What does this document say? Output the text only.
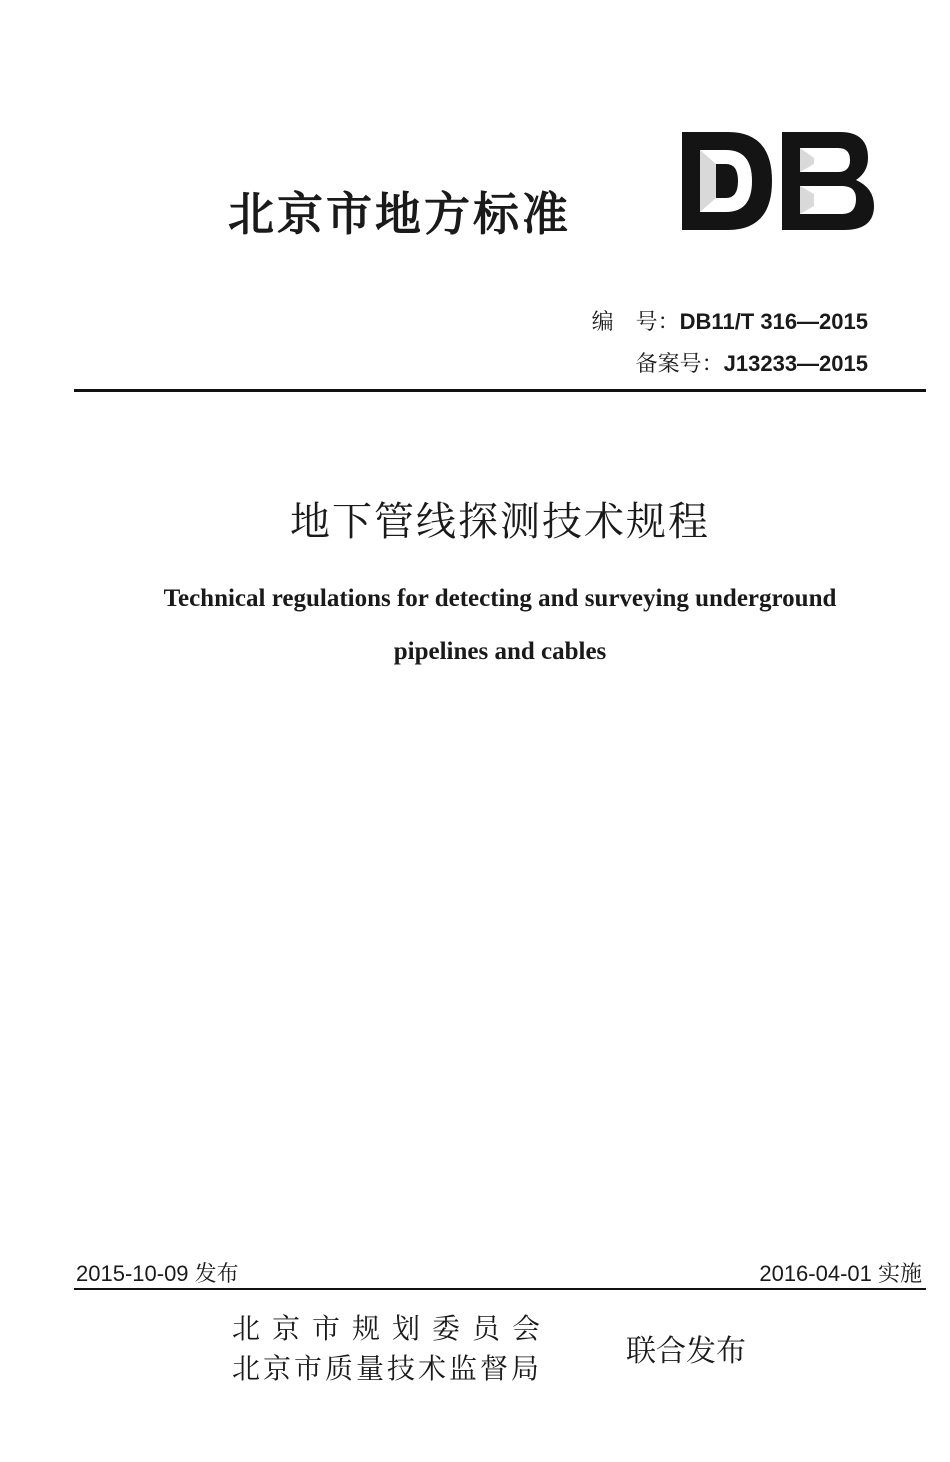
北京市地方标准
DB
编　号：DB11/T 316—2015
备案号：J13233—2015
地下管线探测技术规程
Technical regulations for detecting and surveying underground
pipelines and cables
2015-10-09 发布	2016-04-01 实施
北京市规划委员会
北京市质量技术监督局	联合发布
